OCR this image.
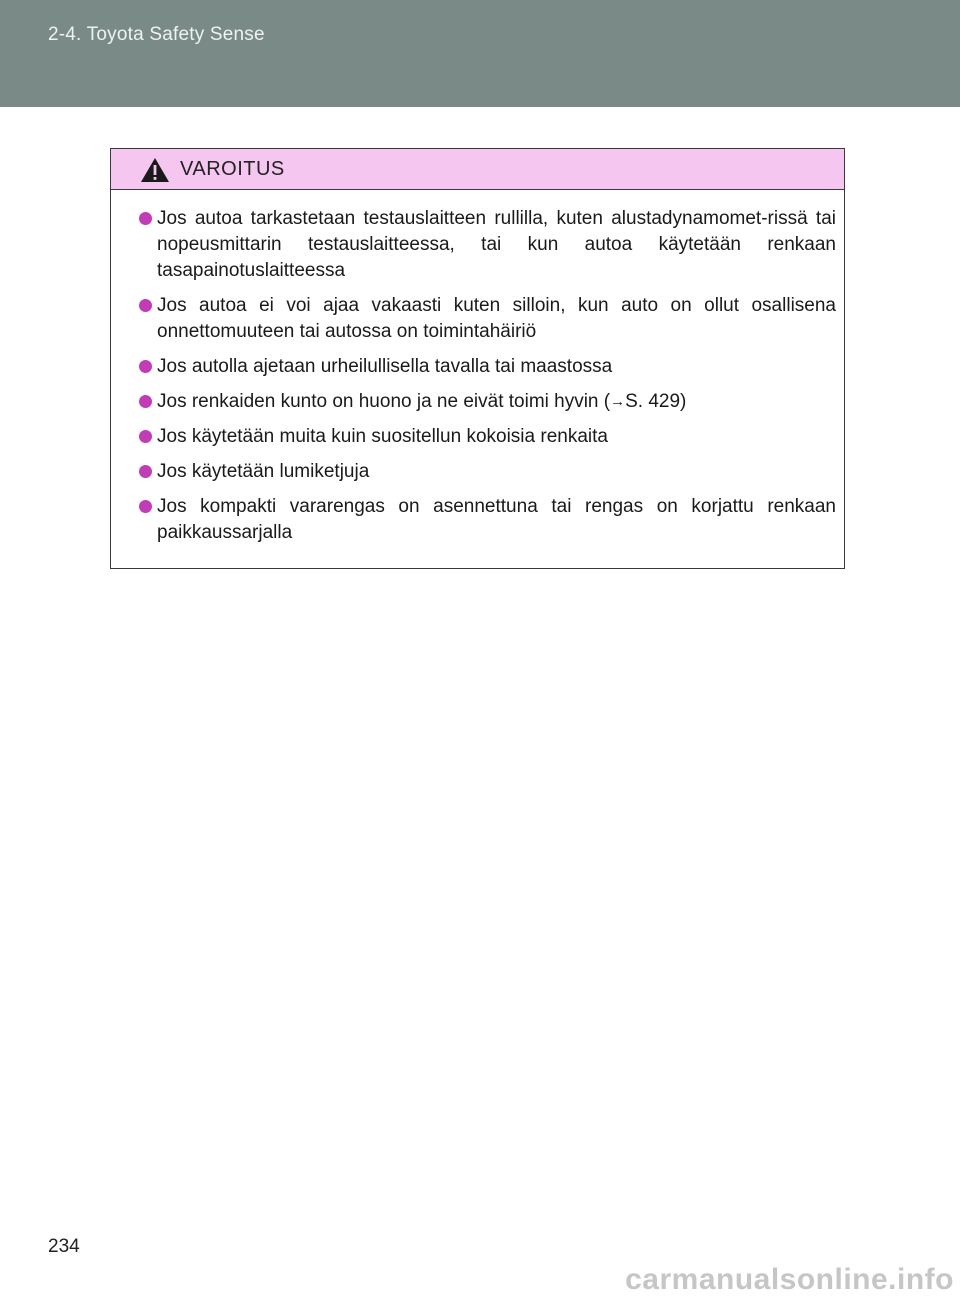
2-4. Toyota Safety Sense
VAROITUS
Jos autoa tarkastetaan testauslaitteen rullilla, kuten alustadynamomet-rissä tai nopeusmittarin testauslaitteessa, tai kun autoa käytetään renkaan tasapainotuslaitteessa
Jos autoa ei voi ajaa vakaasti kuten silloin, kun auto on ollut osallisena onnettomuuteen tai autossa on toimintahäiriö
Jos autolla ajetaan urheilullisella tavalla tai maastossa
Jos renkaiden kunto on huono ja ne eivät toimi hyvin (→S. 429)
Jos käytetään muita kuin suositellun kokoisia renkaita
Jos käytetään lumiketjuja
Jos kompakti vararengas on asennettuna tai rengas on korjattu renkaan paikkaussarjalla
234
carmanualsonline.info
